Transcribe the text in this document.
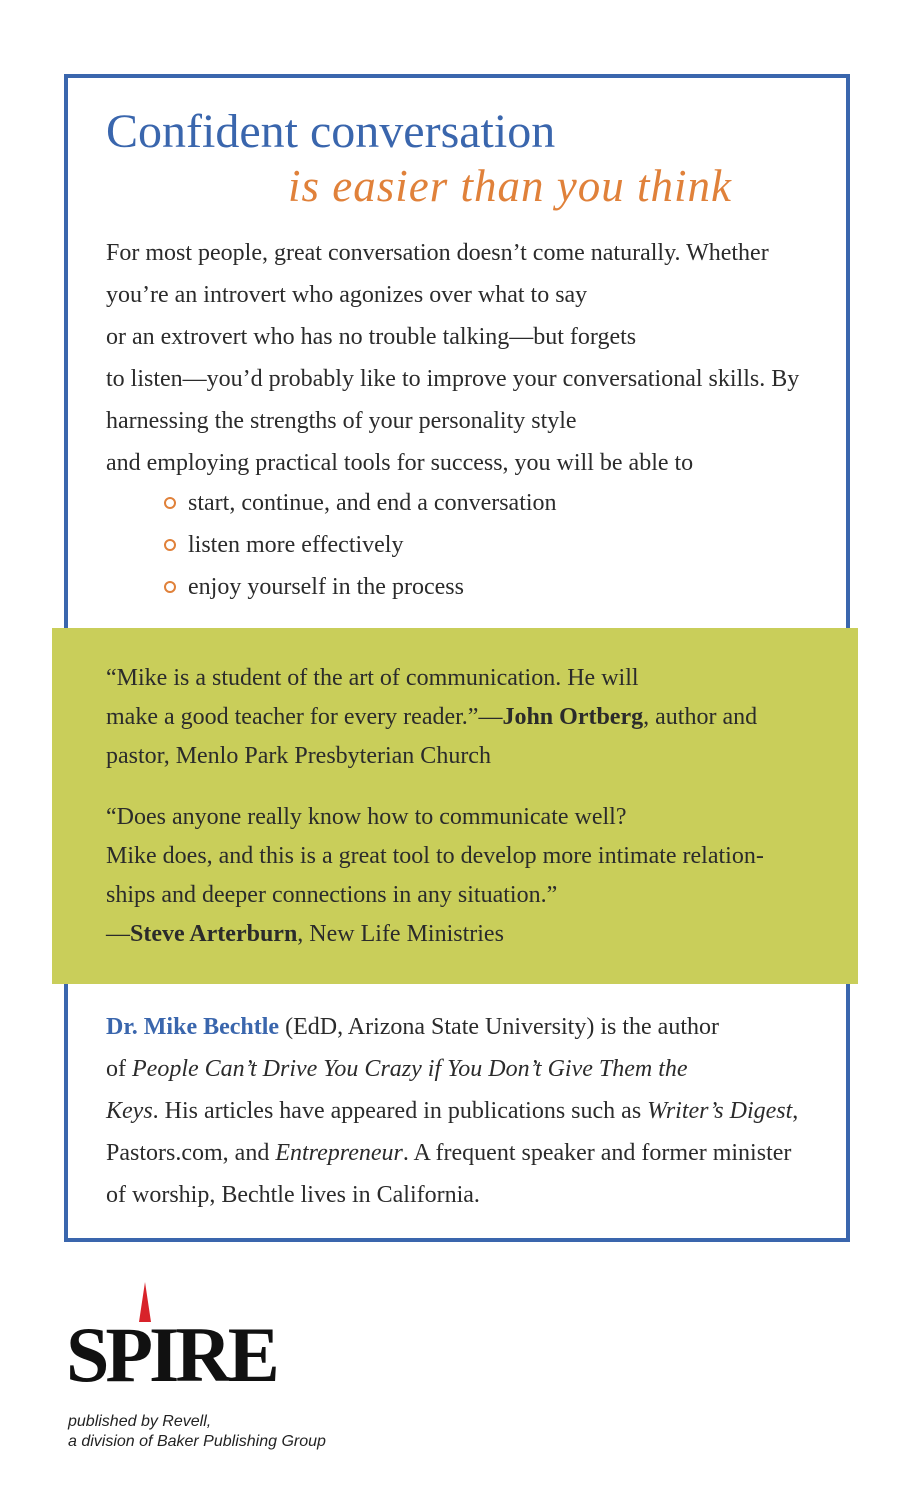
Confident conversation
is easier than you think
For most people, great conversation doesn’t come naturally. Whether
you’re an introvert who agonizes over what to say
or an extrovert who has no trouble talking—but forgets
to listen—you’d probably like to improve your conversational skills. By
harnessing the strengths of your personality style
and employing practical tools for success, you will be able to
start, continue, and end a conversation
listen more effectively
enjoy yourself in the process
“Mike is a student of the art of communication. He will
make a good teacher for every reader.”—John Ortberg, author and
pastor, Menlo Park Presbyterian Church
“Does anyone really know how to communicate well?
Mike does, and this is a great tool to develop more intimate relation-
ships and deeper connections in any situation.”
—Steve Arterburn, New Life Ministries
Dr. Mike Bechtle (EdD, Arizona State University) is the author
of People Can’t Drive You Crazy if You Don’t Give Them the
Keys. His articles have appeared in publications such as Writer’s Digest,
Pastors.com, and Entrepreneur. A frequent speaker and former minister
of worship, Bechtle lives in California.
SPIRE
published by Revell,
a division of Baker Publishing Group
